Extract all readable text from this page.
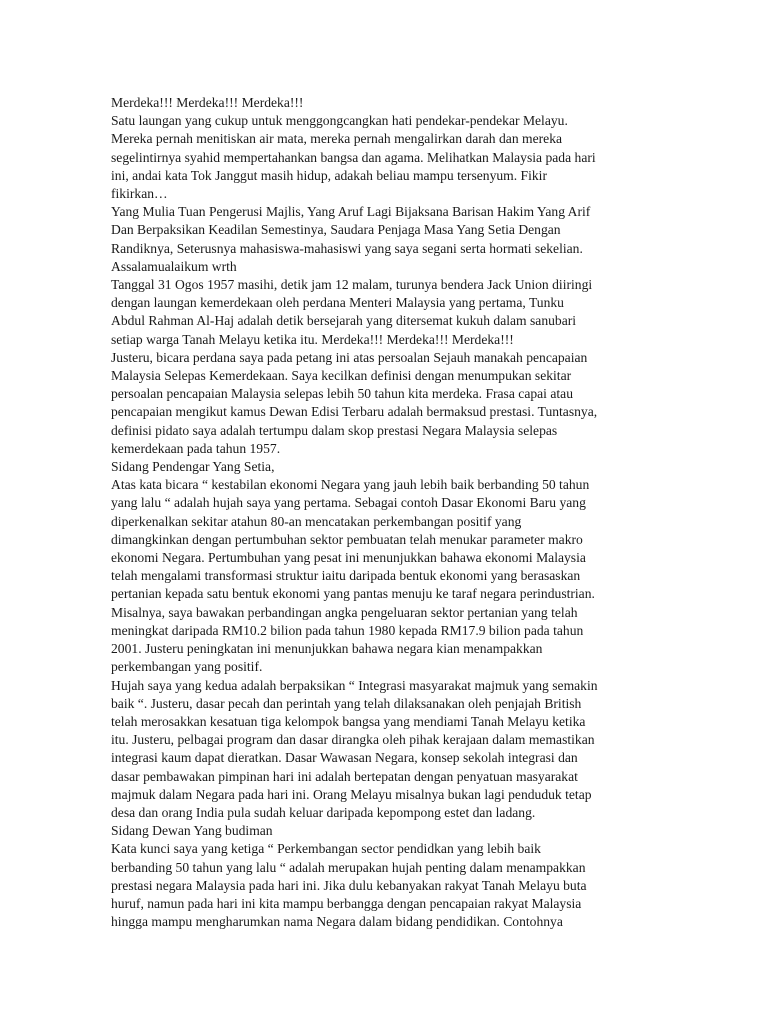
Merdeka!!! Merdeka!!! Merdeka!!!
Satu laungan yang cukup untuk menggongcangkan hati pendekar-pendekar Melayu.
Mereka pernah menitiskan air mata, mereka pernah mengalirkan darah dan mereka
segelintirnya syahid mempertahankan bangsa dan agama. Melihatkan Malaysia pada hari
ini, andai kata Tok Janggut masih hidup, adakah beliau mampu tersenyum. Fikir
fikirkan…
Yang Mulia Tuan Pengerusi Majlis, Yang Aruf Lagi Bijaksana Barisan Hakim Yang Arif
Dan Berpaksikan Keadilan Semestinya, Saudara Penjaga Masa Yang Setia Dengan
Randiknya, Seterusnya mahasiswa-mahasiswi yang saya segani serta hormati sekelian.
Assalamualaikum wrth
Tanggal 31 Ogos 1957 masihi, detik jam 12 malam, turunya bendera Jack Union diiringi
dengan laungan kemerdekaan oleh perdana Menteri Malaysia yang pertama, Tunku
Abdul Rahman Al-Haj adalah detik bersejarah yang ditersemat kukuh dalam sanubari
setiap warga Tanah Melayu ketika itu. Merdeka!!! Merdeka!!! Merdeka!!!
Justeru, bicara perdana saya pada petang ini atas persoalan Sejauh manakah pencapaian
Malaysia Selepas Kemerdekaan. Saya kecilkan definisi dengan menumpukan sekitar
persoalan pencapaian Malaysia selepas lebih 50 tahun kita merdeka. Frasa capai atau
pencapaian mengikut kamus Dewan Edisi Terbaru adalah bermaksud prestasi. Tuntasnya,
definisi pidato saya adalah tertumpu dalam skop prestasi Negara Malaysia selepas
kemerdekaan pada tahun 1957.
Sidang Pendengar Yang Setia,
Atas kata bicara “ kestabilan ekonomi Negara yang jauh lebih baik berbanding 50 tahun
yang lalu “ adalah hujah saya yang pertama. Sebagai contoh Dasar Ekonomi Baru yang
diperkenalkan sekitar atahun 80-an mencatakan perkembangan positif yang
dimangkinkan dengan pertumbuhan sektor pembuatan telah menukar parameter makro
ekonomi Negara. Pertumbuhan yang pesat ini menunjukkan bahawa ekonomi Malaysia
telah mengalami transformasi struktur iaitu daripada bentuk ekonomi yang berasaskan
pertanian kepada satu bentuk ekonomi yang pantas menuju ke taraf negara perindustrian.
Misalnya, saya bawakan perbandingan angka pengeluaran sektor pertanian yang telah
meningkat daripada RM10.2 bilion pada tahun 1980 kepada RM17.9 bilion pada tahun
2001. Justeru peningkatan ini menunjukkan bahawa negara kian menampakkan
perkembangan yang positif.
Hujah saya yang kedua adalah berpaksikan “ Integrasi masyarakat majmuk yang semakin
baik “. Justeru, dasar pecah dan perintah yang telah dilaksanakan oleh penjajah British
telah merosakkan kesatuan tiga kelompok bangsa yang mendiami Tanah Melayu ketika
itu. Justeru, pelbagai program dan dasar dirangka oleh pihak kerajaan dalam memastikan
integrasi kaum dapat dieratkan. Dasar Wawasan Negara, konsep sekolah integrasi dan
dasar pembawakan pimpinan hari ini adalah bertepatan dengan penyatuan masyarakat
majmuk dalam Negara pada hari ini. Orang Melayu misalnya bukan lagi penduduk tetap
desa dan orang India pula sudah keluar daripada kepompong estet dan ladang.
Sidang Dewan Yang budiman
Kata kunci saya yang ketiga “ Perkembangan sector pendidkan yang lebih baik
berbanding 50 tahun yang lalu “ adalah merupakan hujah penting dalam menampakkan
prestasi negara Malaysia pada hari ini. Jika dulu kebanyakan rakyat Tanah Melayu buta
huruf, namun pada hari ini kita mampu berbangga dengan pencapaian rakyat Malaysia
hingga mampu mengharumkan nama Negara dalam bidang pendidikan. Contohnya
